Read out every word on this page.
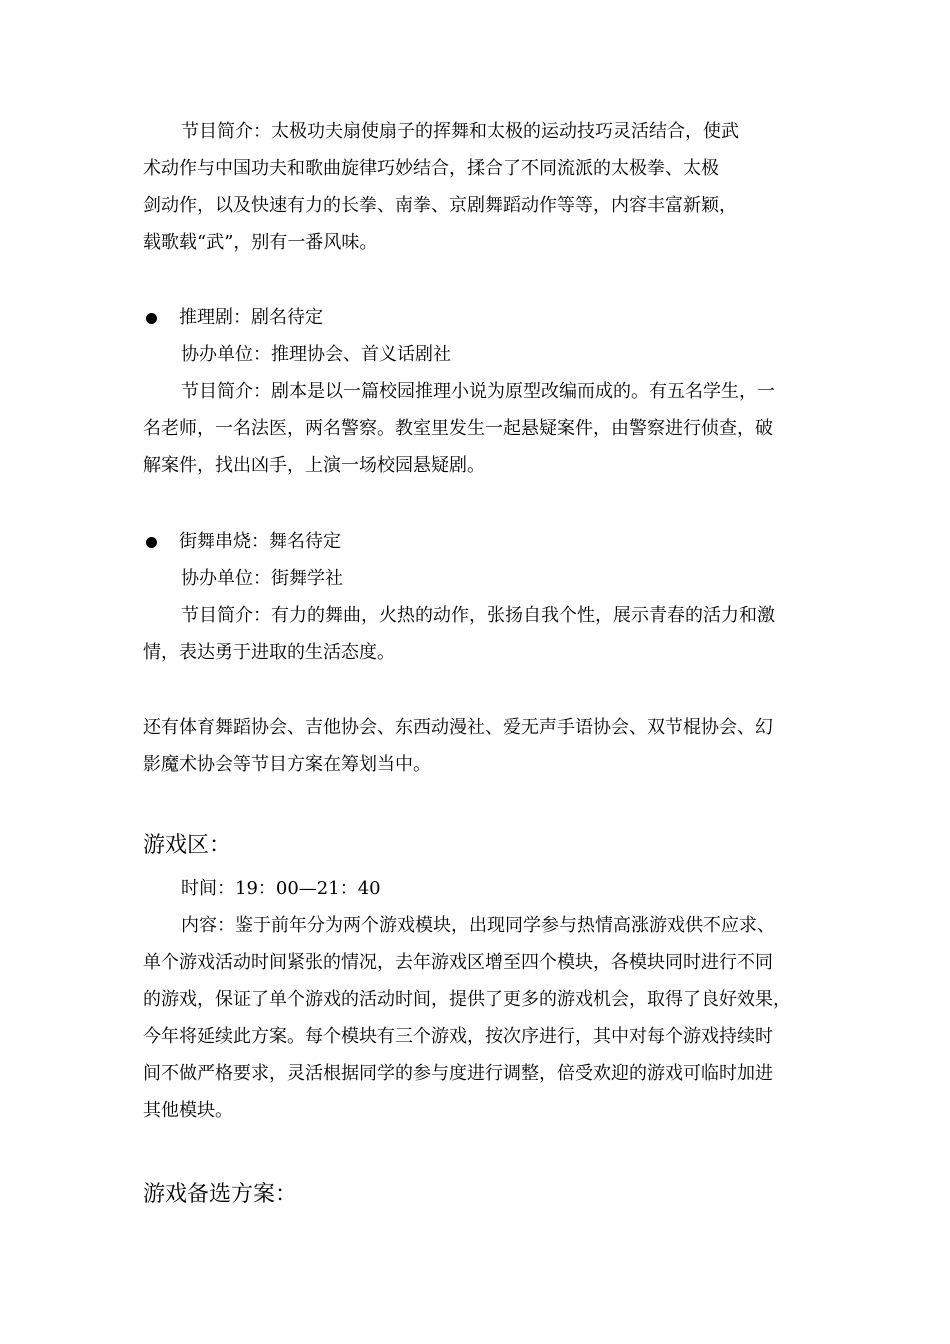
节目简介：太极功夫扇使扇子的挥舞和太极的运动技巧灵活结合，使武
术动作与中国功夫和歌曲旋律巧妙结合，揉合了不同流派的太极拳、太极
剑动作，以及快速有力的长拳、南拳、京剧舞蹈动作等等，内容丰富新颖，
载歌载“武”，别有一番风味。
推理剧：剧名待定
协办单位：推理协会、首义话剧社
节目简介：剧本是以一篇校园推理小说为原型改编而成的。有五名学生，一
名老师，一名法医，两名警察。教室里发生一起悬疑案件，由警察进行侦查，破
解案件，找出凶手，上演一场校园悬疑剧。
街舞串烧：舞名待定
协办单位：街舞学社
节目简介：有力的舞曲，火热的动作，张扬自我个性，展示青春的活力和激
情，表达勇于进取的生活态度。
还有体育舞蹈协会、吉他协会、东西动漫社、爱无声手语协会、双节棍协会、幻
影魔术协会等节目方案在筹划当中。
游戏区：
时间：19：00—21：40
内容：鉴于前年分为两个游戏模块，出现同学参与热情高涨游戏供不应求、
单个游戏活动时间紧张的情况，去年游戏区增至四个模块，各模块同时进行不同
的游戏，保证了单个游戏的活动时间，提供了更多的游戏机会，取得了良好效果，
今年将延续此方案。每个模块有三个游戏，按次序进行，其中对每个游戏持续时
间不做严格要求，灵活根据同学的参与度进行调整，倍受欢迎的游戏可临时加进
其他模块。
游戏备选方案：
